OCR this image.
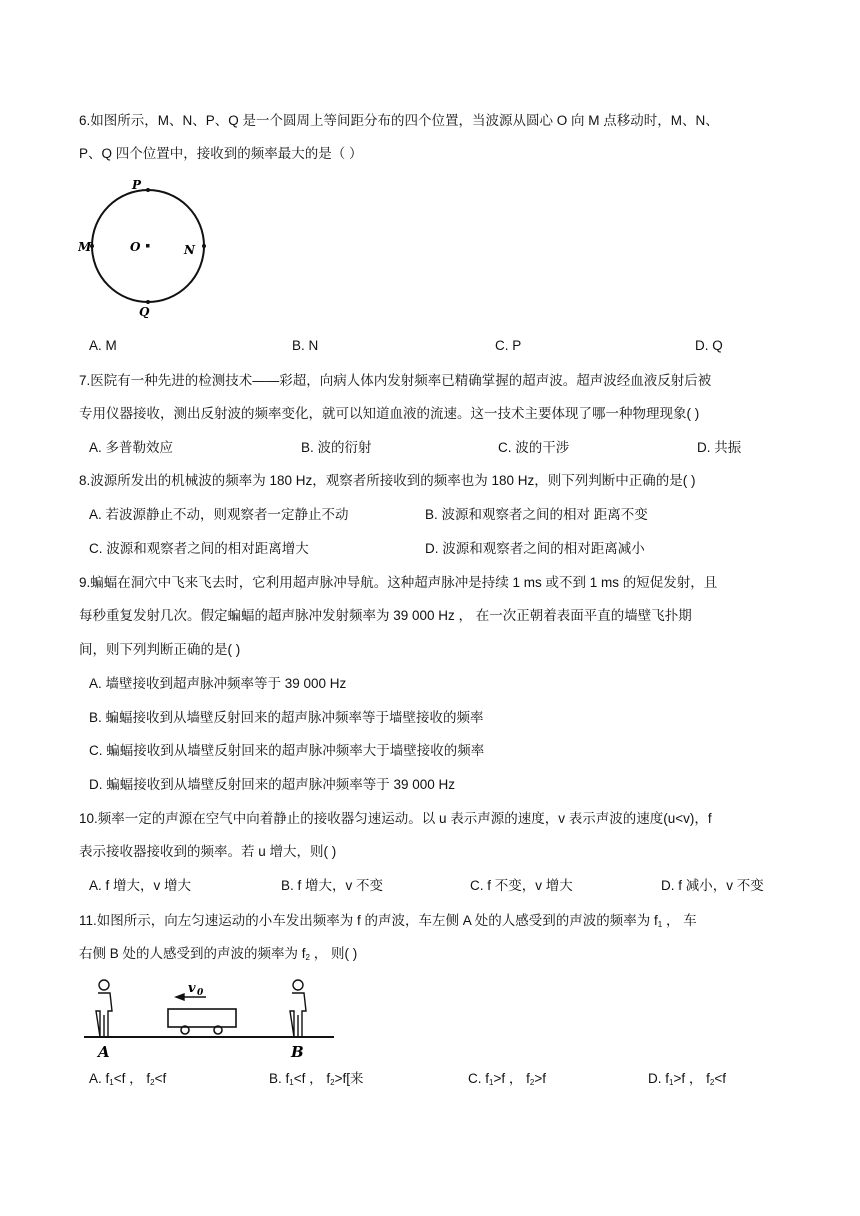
6.如图所示，M、N、P、Q 是一个圆周上等间距分布的四个位置，当波源从圆心 O 向 M 点移动时，M、N、
P、Q 四个位置中，接收到的频率最大的是（ ）
P
M	O	N
Q
A. M	B. N	C. P	D. Q
7.医院有一种先进的检测技术——彩超，向病人体内发射频率已精确掌握的超声波。超声波经血液反射后被
专用仪器接收，测出反射波的频率变化，就可以知道血液的流速。这一技术主要体现了哪一种物理现象( )
A. 多普勒效应	B. 波的衍射	C. 波的干涉	D. 共振
8.波源所发出的机械波的频率为 180 Hz，观察者所接收到的频率也为 180 Hz，则下列判断中正确的是( )
A. 若波源静止不动，则观察者一定静止不动	B. 波源和观察者之间的相对 距离不变
C. 波源和观察者之间的相对距离增大	D. 波源和观察者之间的相对距离减小
9.蝙蝠在洞穴中飞来飞去时，它利用超声脉冲导航。这种超声脉冲是持续 1 ms 或不到 1 ms 的短促发射，且
每秒重复发射几次。假定蝙蝠的超声脉冲发射频率为 39 000 Hz ， 在一次正朝着表面平直的墙壁飞扑期
间，则下列判断正确的是( )
A. 墙壁接收到超声脉冲频率等于 39 000 Hz
B. 蝙蝠接收到从墙壁反射回来的超声脉冲频率等于墙壁接收的频率
C. 蝙蝠接收到从墙壁反射回来的超声脉冲频率大于墙壁接收的频率
D. 蝙蝠接收到从墙壁反射回来的超声脉冲频率等于 39 000 Hz
10.频率一定的声源在空气中向着静止的接收器匀速运动。以 u 表示声源的速度，v 表示声波的速度(u<v)，f
表示接收器接收到的频率。若 u 增大，则( )
A. f 增大，v 增大	B. f 增大，v 不变	C. f 不变，v 增大	D. f 减小，v 不变
11.如图所示，向左匀速运动的小车发出频率为 f 的声波，车左侧 A 处的人感受到的声波的频率为 $f_1$ ， 车
右侧 B 处的人感受到的声波的频率为 $f_2$ ， 则( )
v 0
A	B
A. $f_1<f$ ， $f_2<f$	B. $f_1<f$ ， $f_2>f$[来	C. $f_1>f$ ， $f_2>f$	D. $f_1>f$ ， $f_2<f$
